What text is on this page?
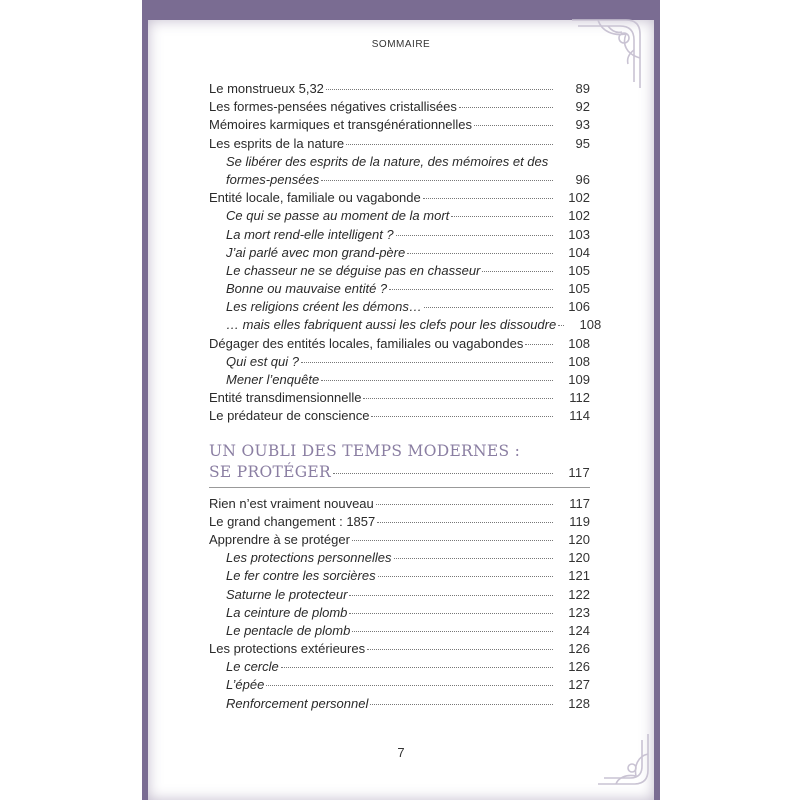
SOMMAIRE
Le monstrueux 5,32	89
Les formes-pensées négatives cristallisées	92
Mémoires karmiques et transgénérationnelles	93
Les esprits de la nature	95
Se libérer des esprits de la nature, des mémoires et des
formes-pensées	96
Entité locale, familiale ou vagabonde	102
Ce qui se passe au moment de la mort	102
La mort rend-elle intelligent ?	103
J’ai parlé avec mon grand-père	104
Le chasseur ne se déguise pas en chasseur	105
Bonne ou mauvaise entité ?	105
Les religions créent les démons…	106
… mais elles fabriquent aussi les clefs pour les dissoudre	108
Dégager des entités locales, familiales ou vagabondes	108
Qui est qui ?	108
Mener l’enquête	109
Entité transdimensionnelle	112
Le prédateur de conscience	114
UN OUBLI DES TEMPS MODERNES :
SE PROTÉGER	117
Rien n’est vraiment nouveau	117
Le grand changement : 1857	119
Apprendre à se protéger	120
Les protections personnelles	120
Le fer contre les sorcières	121
Saturne le protecteur	122
La ceinture de plomb	123
Le pentacle de plomb	124
Les protections extérieures	126
Le cercle	126
L’épée	127
Renforcement personnel	128
7
